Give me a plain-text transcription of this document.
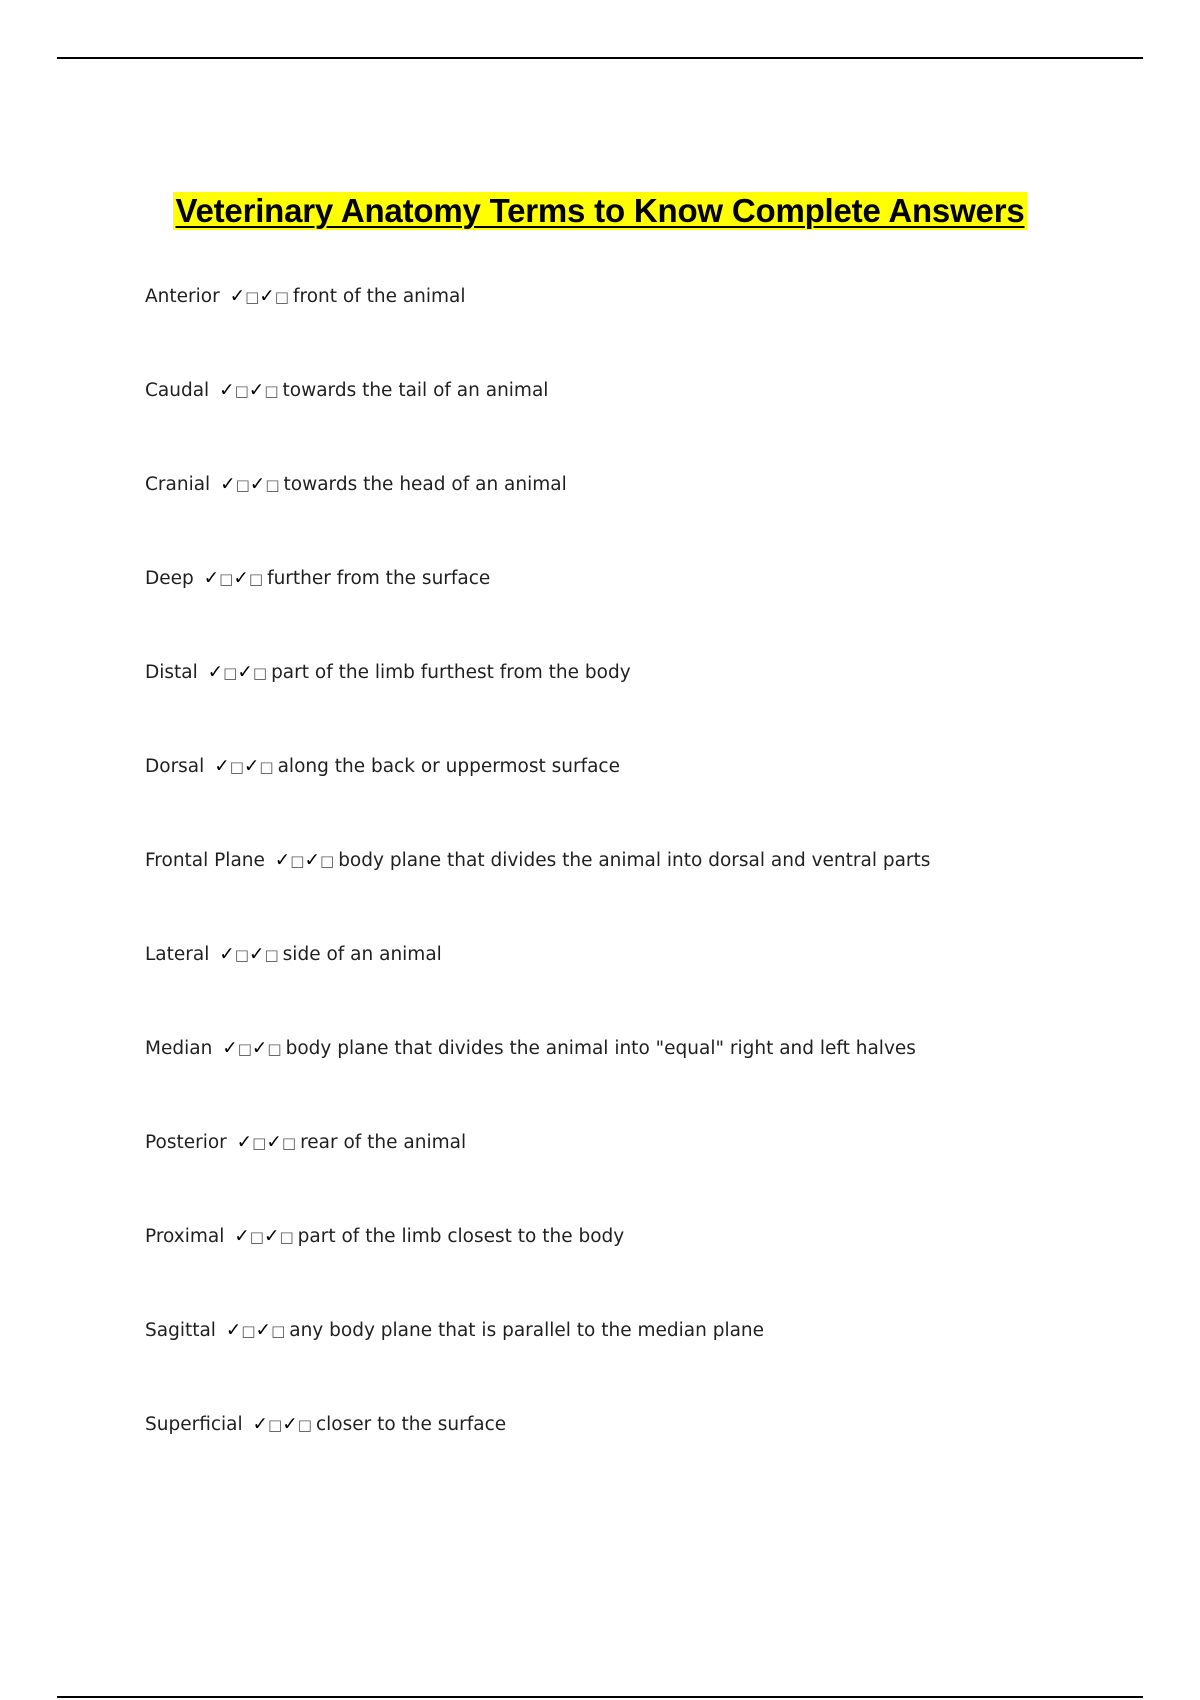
Veterinary Anatomy Terms to Know Complete Answers
Anterior ✓□✓□ front of the animal
Caudal ✓□✓□ towards the tail of an animal
Cranial ✓□✓□ towards the head of an animal
Deep ✓□✓□ further from the surface
Distal ✓□✓□ part of the limb furthest from the body
Dorsal ✓□✓□ along the back or uppermost surface
Frontal Plane ✓□✓□ body plane that divides the animal into dorsal and ventral parts
Lateral ✓□✓□ side of an animal
Median ✓□✓□ body plane that divides the animal into "equal" right and left halves
Posterior ✓□✓□ rear of the animal
Proximal ✓□✓□ part of the limb closest to the body
Sagittal ✓□✓□ any body plane that is parallel to the median plane
Superficial ✓□✓□ closer to the surface
